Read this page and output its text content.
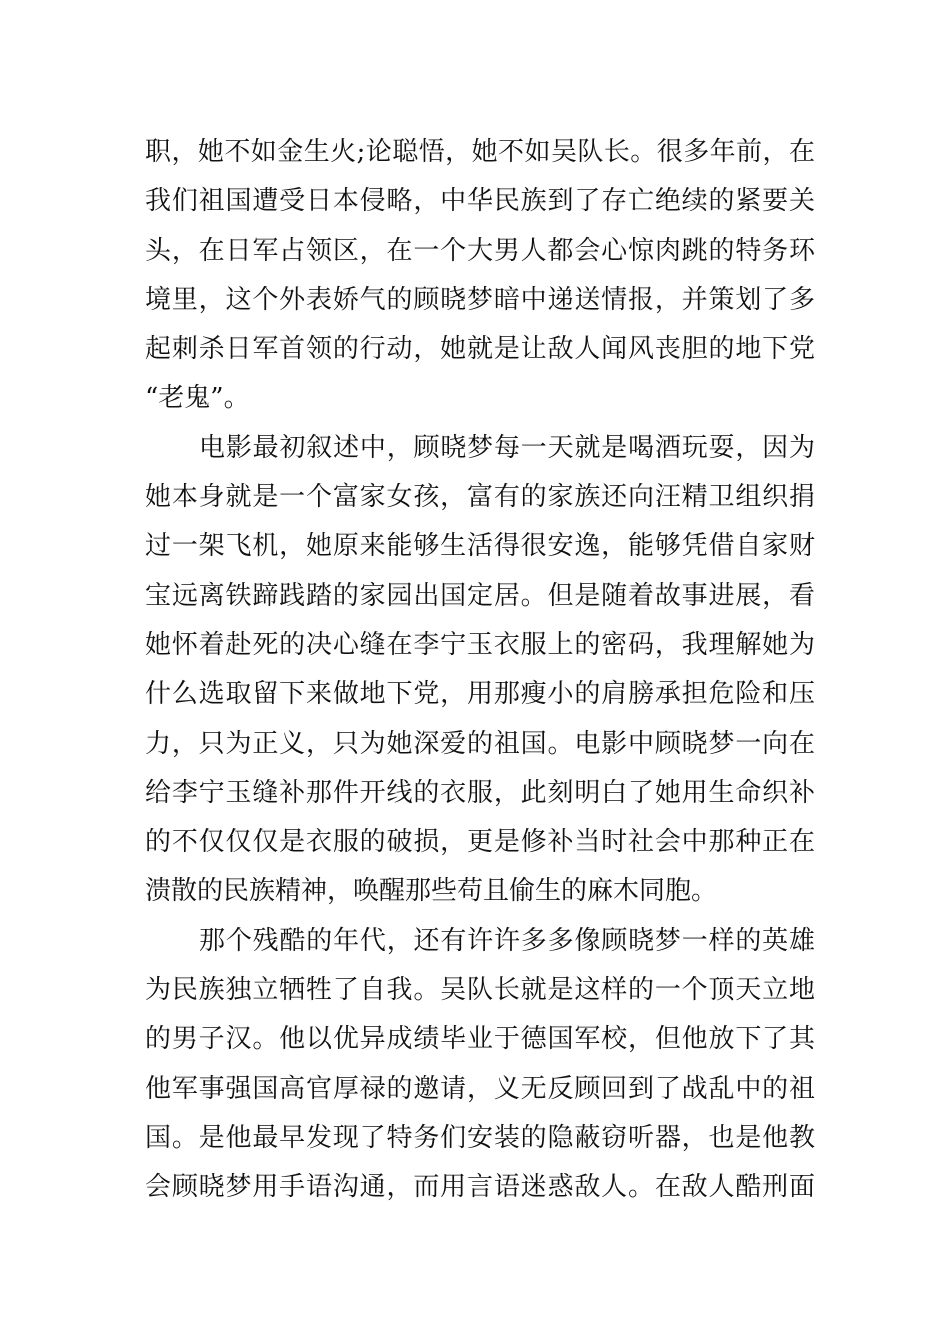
职，她不如金生火;论聪悟，她不如吴队长。很多年前，在
我们祖国遭受日本侵略，中华民族到了存亡绝续的紧要关
头，在日军占领区，在一个大男人都会心惊肉跳的特务环
境里，这个外表娇气的顾晓梦暗中递送情报，并策划了多
起刺杀日军首领的行动，她就是让敌人闻风丧胆的地下党
“老鬼”。
电影最初叙述中，顾晓梦每一天就是喝酒玩耍，因为
她本身就是一个富家女孩，富有的家族还向汪精卫组织捐
过一架飞机，她原来能够生活得很安逸，能够凭借自家财
宝远离铁蹄践踏的家园出国定居。但是随着故事进展，看
她怀着赴死的决心缝在李宁玉衣服上的密码，我理解她为
什么选取留下来做地下党，用那瘦小的肩膀承担危险和压
力，只为正义，只为她深爱的祖国。电影中顾晓梦一向在
给李宁玉缝补那件开线的衣服，此刻明白了她用生命织补
的不仅仅仅是衣服的破损，更是修补当时社会中那种正在
溃散的民族精神，唤醒那些苟且偷生的麻木同胞。
那个残酷的年代，还有许许多多像顾晓梦一样的英雄
为民族独立牺牲了自我。吴队长就是这样的一个顶天立地
的男子汉。他以优异成绩毕业于德国军校，但他放下了其
他军事强国高官厚禄的邀请，义无反顾回到了战乱中的祖
国。是他最早发现了特务们安装的隐蔽窃听器，也是他教
会顾晓梦用手语沟通，而用言语迷惑敌人。在敌人酷刑面
